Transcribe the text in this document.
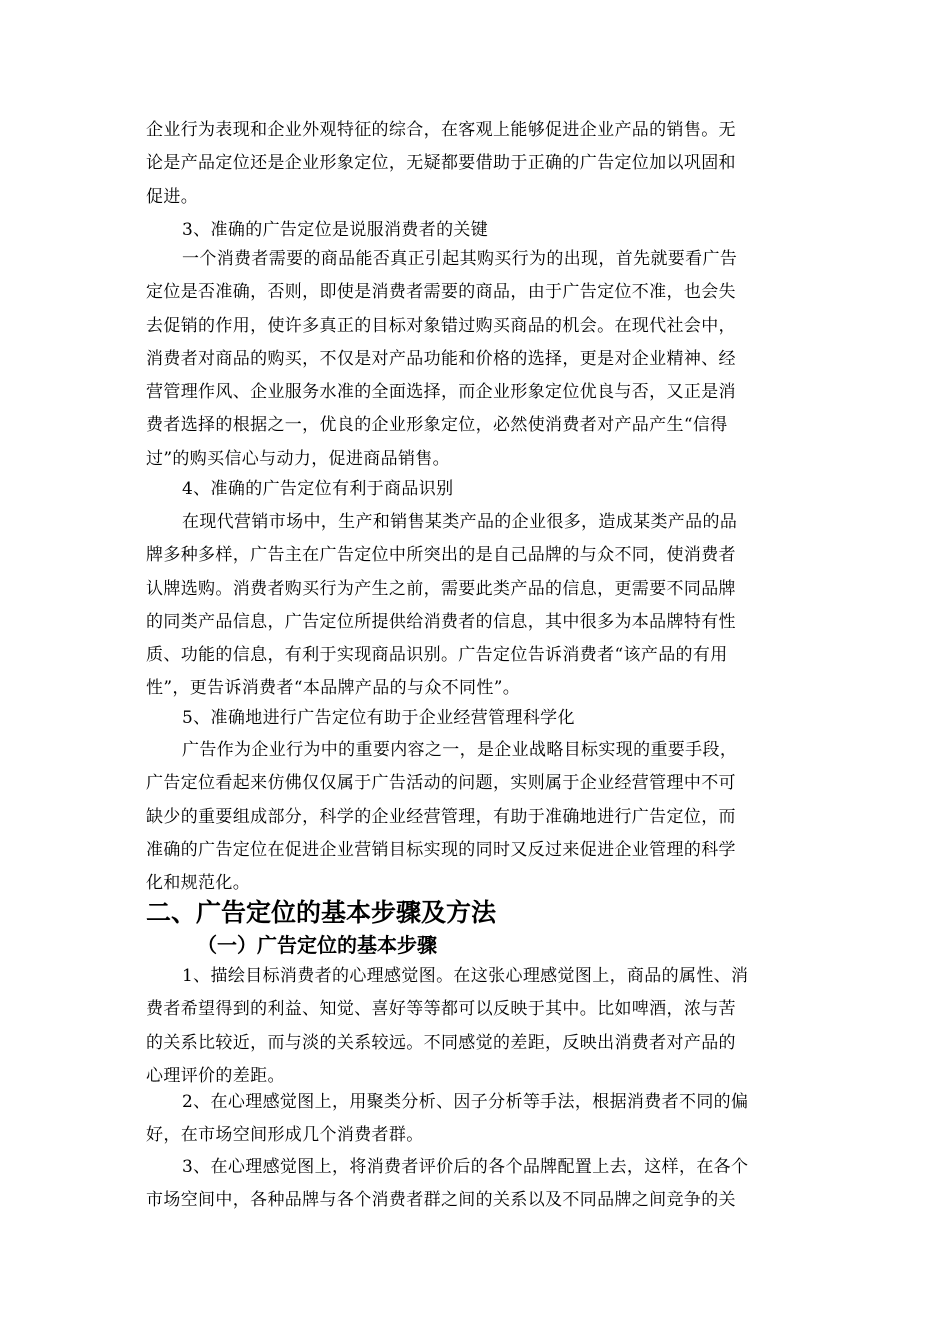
企业行为表现和企业外观特征的综合，在客观上能够促进企业产品的销售。无
论是产品定位还是企业形象定位，无疑都要借助于正确的广告定位加以巩固和
促进。
3、准确的广告定位是说服消费者的关键
一个消费者需要的商品能否真正引起其购买行为的出现，首先就要看广告
定位是否准确，否则，即使是消费者需要的商品，由于广告定位不准，也会失
去促销的作用，使许多真正的目标对象错过购买商品的机会。在现代社会中，
消费者对商品的购买，不仅是对产品功能和价格的选择，更是对企业精神、经
营管理作风、企业服务水准的全面选择，而企业形象定位优良与否，又正是消
费者选择的根据之一，优良的企业形象定位，必然使消费者对产品产生“信得
过”的购买信心与动力，促进商品销售。
4、准确的广告定位有利于商品识别
在现代营销市场中，生产和销售某类产品的企业很多，造成某类产品的品
牌多种多样，广告主在广告定位中所突出的是自己品牌的与众不同，使消费者
认牌选购。消费者购买行为产生之前，需要此类产品的信息，更需要不同品牌
的同类产品信息，广告定位所提供给消费者的信息，其中很多为本品牌特有性
质、功能的信息，有利于实现商品识别。广告定位告诉消费者“该产品的有用
性”，更告诉消费者“本品牌产品的与众不同性”。
5、准确地进行广告定位有助于企业经营管理科学化
广告作为企业行为中的重要内容之一，是企业战略目标实现的重要手段，
广告定位看起来仿佛仅仅属于广告活动的问题，实则属于企业经营管理中不可
缺少的重要组成部分，科学的企业经营管理，有助于准确地进行广告定位，而
准确的广告定位在促进企业营销目标实现的同时又反过来促进企业管理的科学
化和规范化。
二、广告定位的基本步骤及方法
（一）广告定位的基本步骤
1、描绘目标消费者的心理感觉图。在这张心理感觉图上，商品的属性、消
费者希望得到的利益、知觉、喜好等等都可以反映于其中。比如啤酒，浓与苦
的关系比较近，而与淡的关系较远。不同感觉的差距，反映出消费者对产品的
心理评价的差距。
2、在心理感觉图上，用聚类分析、因子分析等手法，根据消费者不同的偏
好，在市场空间形成几个消费者群。
3、在心理感觉图上，将消费者评价后的各个品牌配置上去，这样，在各个
市场空间中，各种品牌与各个消费者群之间的关系以及不同品牌之间竞争的关
